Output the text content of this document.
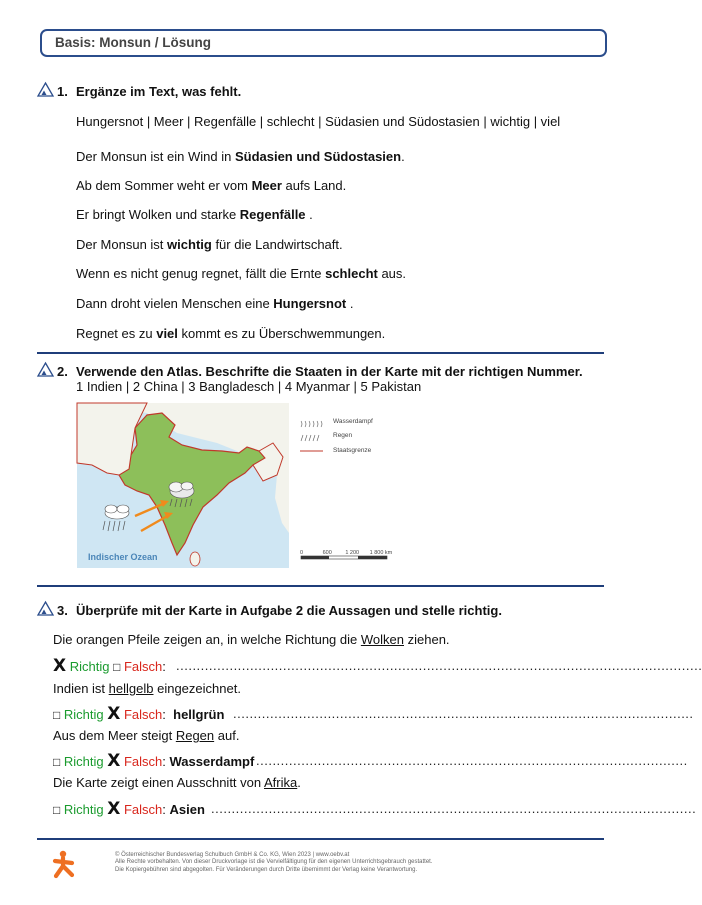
Basis: Monsun / Lösung
1. Ergänze im Text, was fehlt.
Hungersnot | Meer | Regenfälle | schlecht | Südasien und Südostasien | wichtig | viel
Der Monsun ist ein Wind in Südasien und Südostasien.
Ab dem Sommer weht er vom Meer aufs Land.
Er bringt Wolken und starke Regenfälle .
Der Monsun ist wichtig für die Landwirtschaft.
Wenn es nicht genug regnet, fällt die Ernte schlecht aus.
Dann droht vielen Menschen eine Hungersnot .
Regnet es zu viel kommt es zu Überschwemmungen.
2. Verwende den Atlas. Beschrifte die Staaten in der Karte mit der richtigen Nummer.
1 Indien | 2 China | 3 Bangladesch | 4 Myanmar | 5 Pakistan
Indischer Ozean
Wasserdampf
Regen
Staatsgrenze
0	600 1 200 1 800 km
3. Überprüfe mit der Karte in Aufgabe 2 die Aussagen und stelle richtig.
Die orangen Pfeile zeigen an, in welche Richtung die Wolken ziehen.
X Richtig □ Falsch: ................................................................................................................................
Indien ist hellgelb eingezeichnet.
□ Richtig X Falsch:  hellgrün ................................................................................................................
Aus dem Meer steigt Regen auf.
□ Richtig X Falsch: Wasserdampf .........................................................................................................
Die Karte zeigt einen Ausschnitt von Afrika.
□ Richtig X Falsch: Asien ......................................................................................................................
© Österreichischer Bundesverlag Schulbuch GmbH & Co. KG, Wien 2023 | www.oebv.at
Alle Rechte vorbehalten. Von dieser Druckvorlage ist die Vervielfältigung für den eigenen Unterrichtsgebrauch gestattet.
Die Kopiergebühren sind abgegolten. Für Veränderungen durch Dritte übernimmt der Verlag keine Verantwortung.
